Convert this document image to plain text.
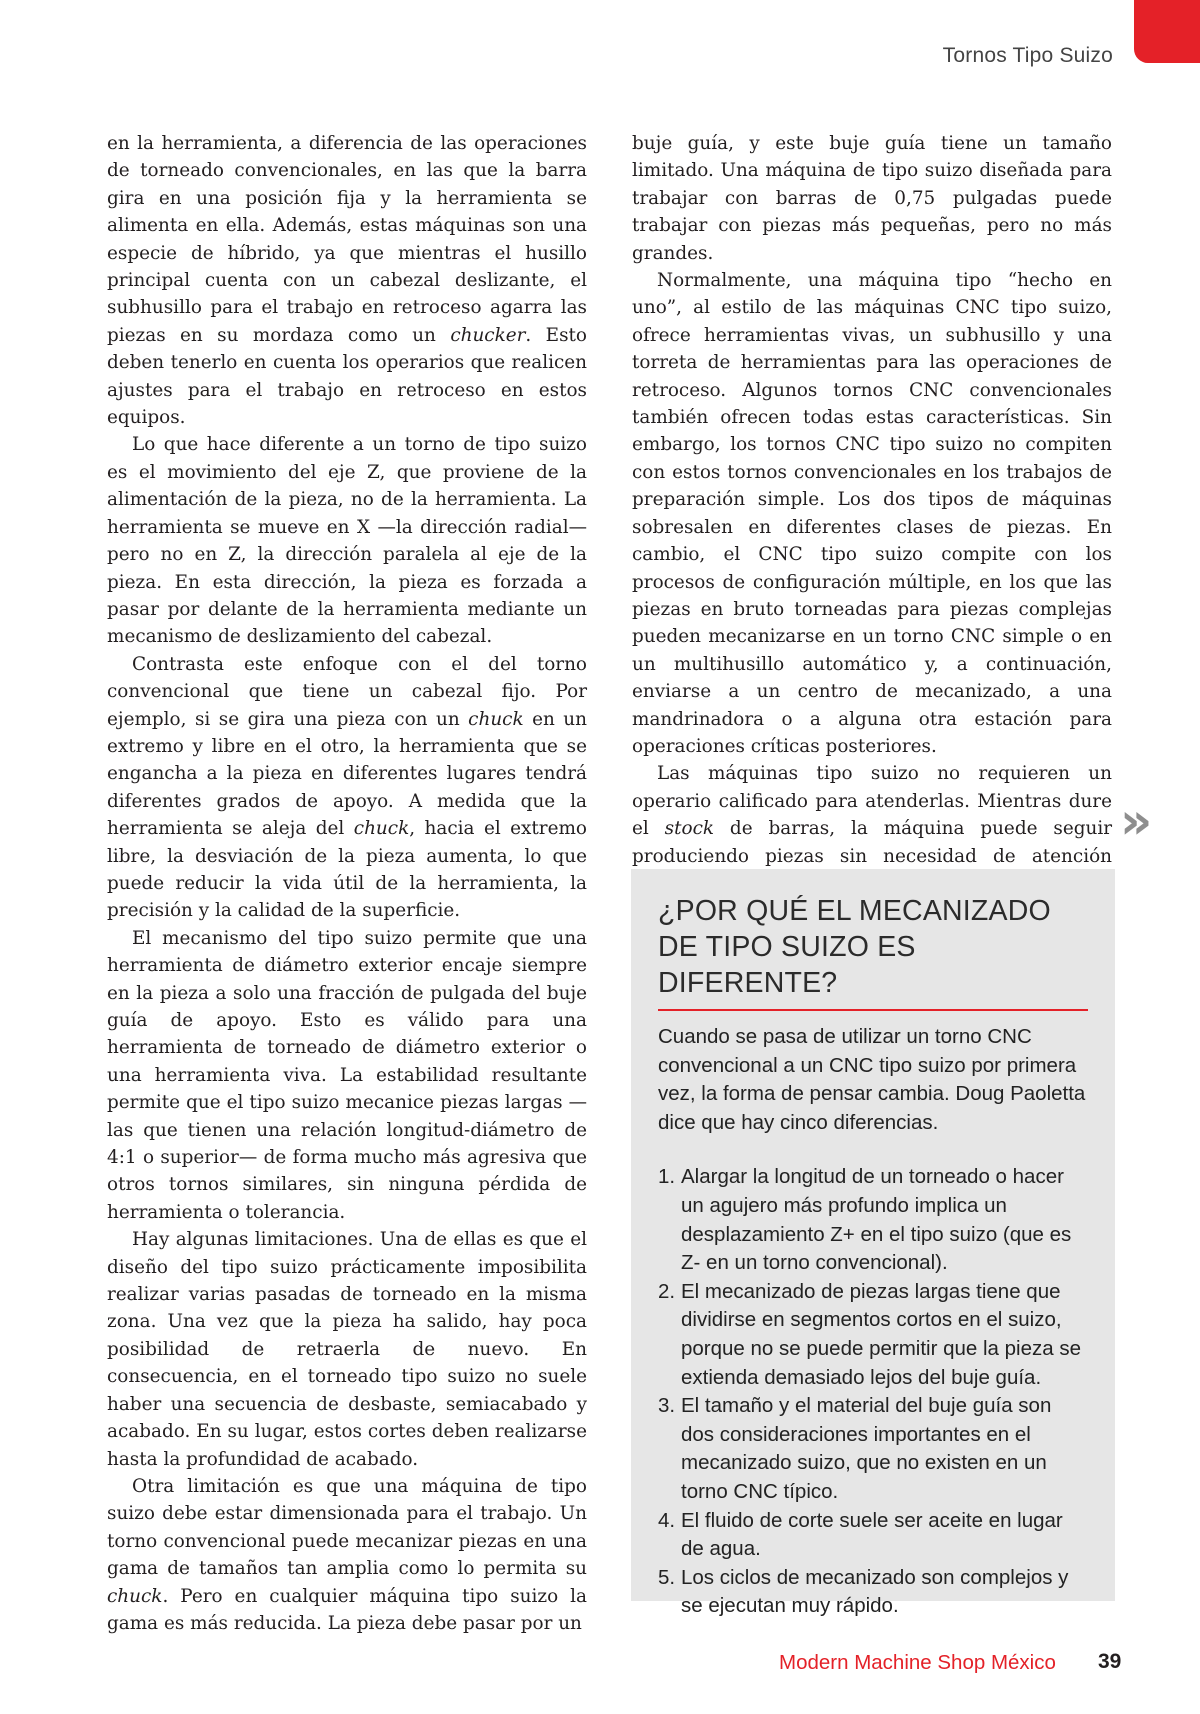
Tornos Tipo Suizo

en la herramienta, a diferencia de las operaciones de torneado convencionales, en las que la barra gira en una posición fija y la herramienta se alimenta en ella. Además, estas máquinas son una especie de híbrido, ya que mientras el husillo principal cuenta con un cabezal deslizante, el subhusillo para el trabajo en retroceso agarra las piezas en su mordaza como un chucker. Esto deben tenerlo en cuenta los operarios que realicen ajustes para el trabajo en retroceso en estos equipos.

Lo que hace diferente a un torno de tipo suizo es el movimiento del eje Z, que proviene de la alimentación de la pieza, no de la herramienta. La herramienta se mueve en X —la dirección radial— pero no en Z, la dirección paralela al eje de la pieza. En esta dirección, la pieza es forzada a pasar por delante de la herramienta mediante un mecanismo de deslizamiento del cabezal.

Contrasta este enfoque con el del torno convencional que tiene un cabezal fijo. Por ejemplo, si se gira una pieza con un chuck en un extremo y libre en el otro, la herramienta que se engancha a la pieza en diferentes lugares tendrá diferentes grados de apoyo. A medida que la herramienta se aleja del chuck, hacia el extremo libre, la desviación de la pieza aumenta, lo que puede reducir la vida útil de la herramienta, la precisión y la calidad de la superficie.

El mecanismo del tipo suizo permite que una herramienta de diámetro exterior encaje siempre en la pieza a solo una fracción de pulgada del buje guía de apoyo. Esto es válido para una herramienta de torneado de diámetro exterior o una herramienta viva. La estabilidad resultante permite que el tipo suizo mecanice piezas largas —las que tienen una relación longitud-diámetro de 4:1 o superior— de forma mucho más agresiva que otros tornos similares, sin ninguna pérdida de herramienta o tolerancia.

Hay algunas limitaciones. Una de ellas es que el diseño del tipo suizo prácticamente imposibilita realizar varias pasadas de torneado en la misma zona. Una vez que la pieza ha salido, hay poca posibilidad de retraerla de nuevo. En consecuencia, en el torneado tipo suizo no suele haber una secuencia de desbaste, semiacabado y acabado. En su lugar, estos cortes deben realizarse hasta la profundidad de acabado.

Otra limitación es que una máquina de tipo suizo debe estar dimensionada para el trabajo. Un torno convencional puede mecanizar piezas en una gama de tamaños tan amplia como lo permita su chuck. Pero en cualquier máquina tipo suizo la gama es más reducida. La pieza debe pasar por un

buje guía, y este buje guía tiene un tamaño limitado. Una máquina de tipo suizo diseñada para trabajar con barras de 0,75 pulgadas puede trabajar con piezas más pequeñas, pero no más grandes.

Normalmente, una máquina tipo “hecho en uno”, al estilo de las máquinas CNC tipo suizo, ofrece herramientas vivas, un subhusillo y una torreta de herramientas para las operaciones de retroceso. Algunos tornos CNC convencionales también ofrecen todas estas características. Sin embargo, los tornos CNC tipo suizo no compiten con estos tornos convencionales en los trabajos de preparación simple. Los dos tipos de máquinas sobresalen en diferentes clases de piezas. En cambio, el CNC tipo suizo compite con los procesos de configuración múltiple, en los que las piezas en bruto torneadas para piezas complejas pueden mecanizarse en un torno CNC simple o en un multihusillo automático y, a continuación, enviarse a un centro de mecanizado, a una mandrinadora o a alguna otra estación para operaciones críticas posteriores.

Las máquinas tipo suizo no requieren un operario calificado para atenderlas. Mientras dure el stock de barras, la máquina puede seguir produciendo piezas sin necesidad de atención

»
¿POR QUÉ EL MECANIZADO
DE TIPO SUIZO ES DIFERENTE?

Cuando se pasa de utilizar un torno CNC convencional a un CNC tipo suizo por primera vez, la forma de pensar cambia. Doug Paoletta dice que hay cinco diferencias.

1. Alargar la longitud de un torneado o hacer un agujero más profundo implica un desplazamiento Z+ en el tipo suizo (que es Z- en un torno convencional).
2. El mecanizado de piezas largas tiene que dividirse en segmentos cortos en el suizo, porque no se puede permitir que la pieza se extienda demasiado lejos del buje guía.
3. El tamaño y el material del buje guía son dos consideraciones importantes en el mecanizado suizo, que no existen en un torno CNC típico.
4. El fluido de corte suele ser aceite en lugar de agua.
5. Los ciclos de mecanizado son complejos y se ejecutan muy rápido.
Modern Machine Shop México 39
